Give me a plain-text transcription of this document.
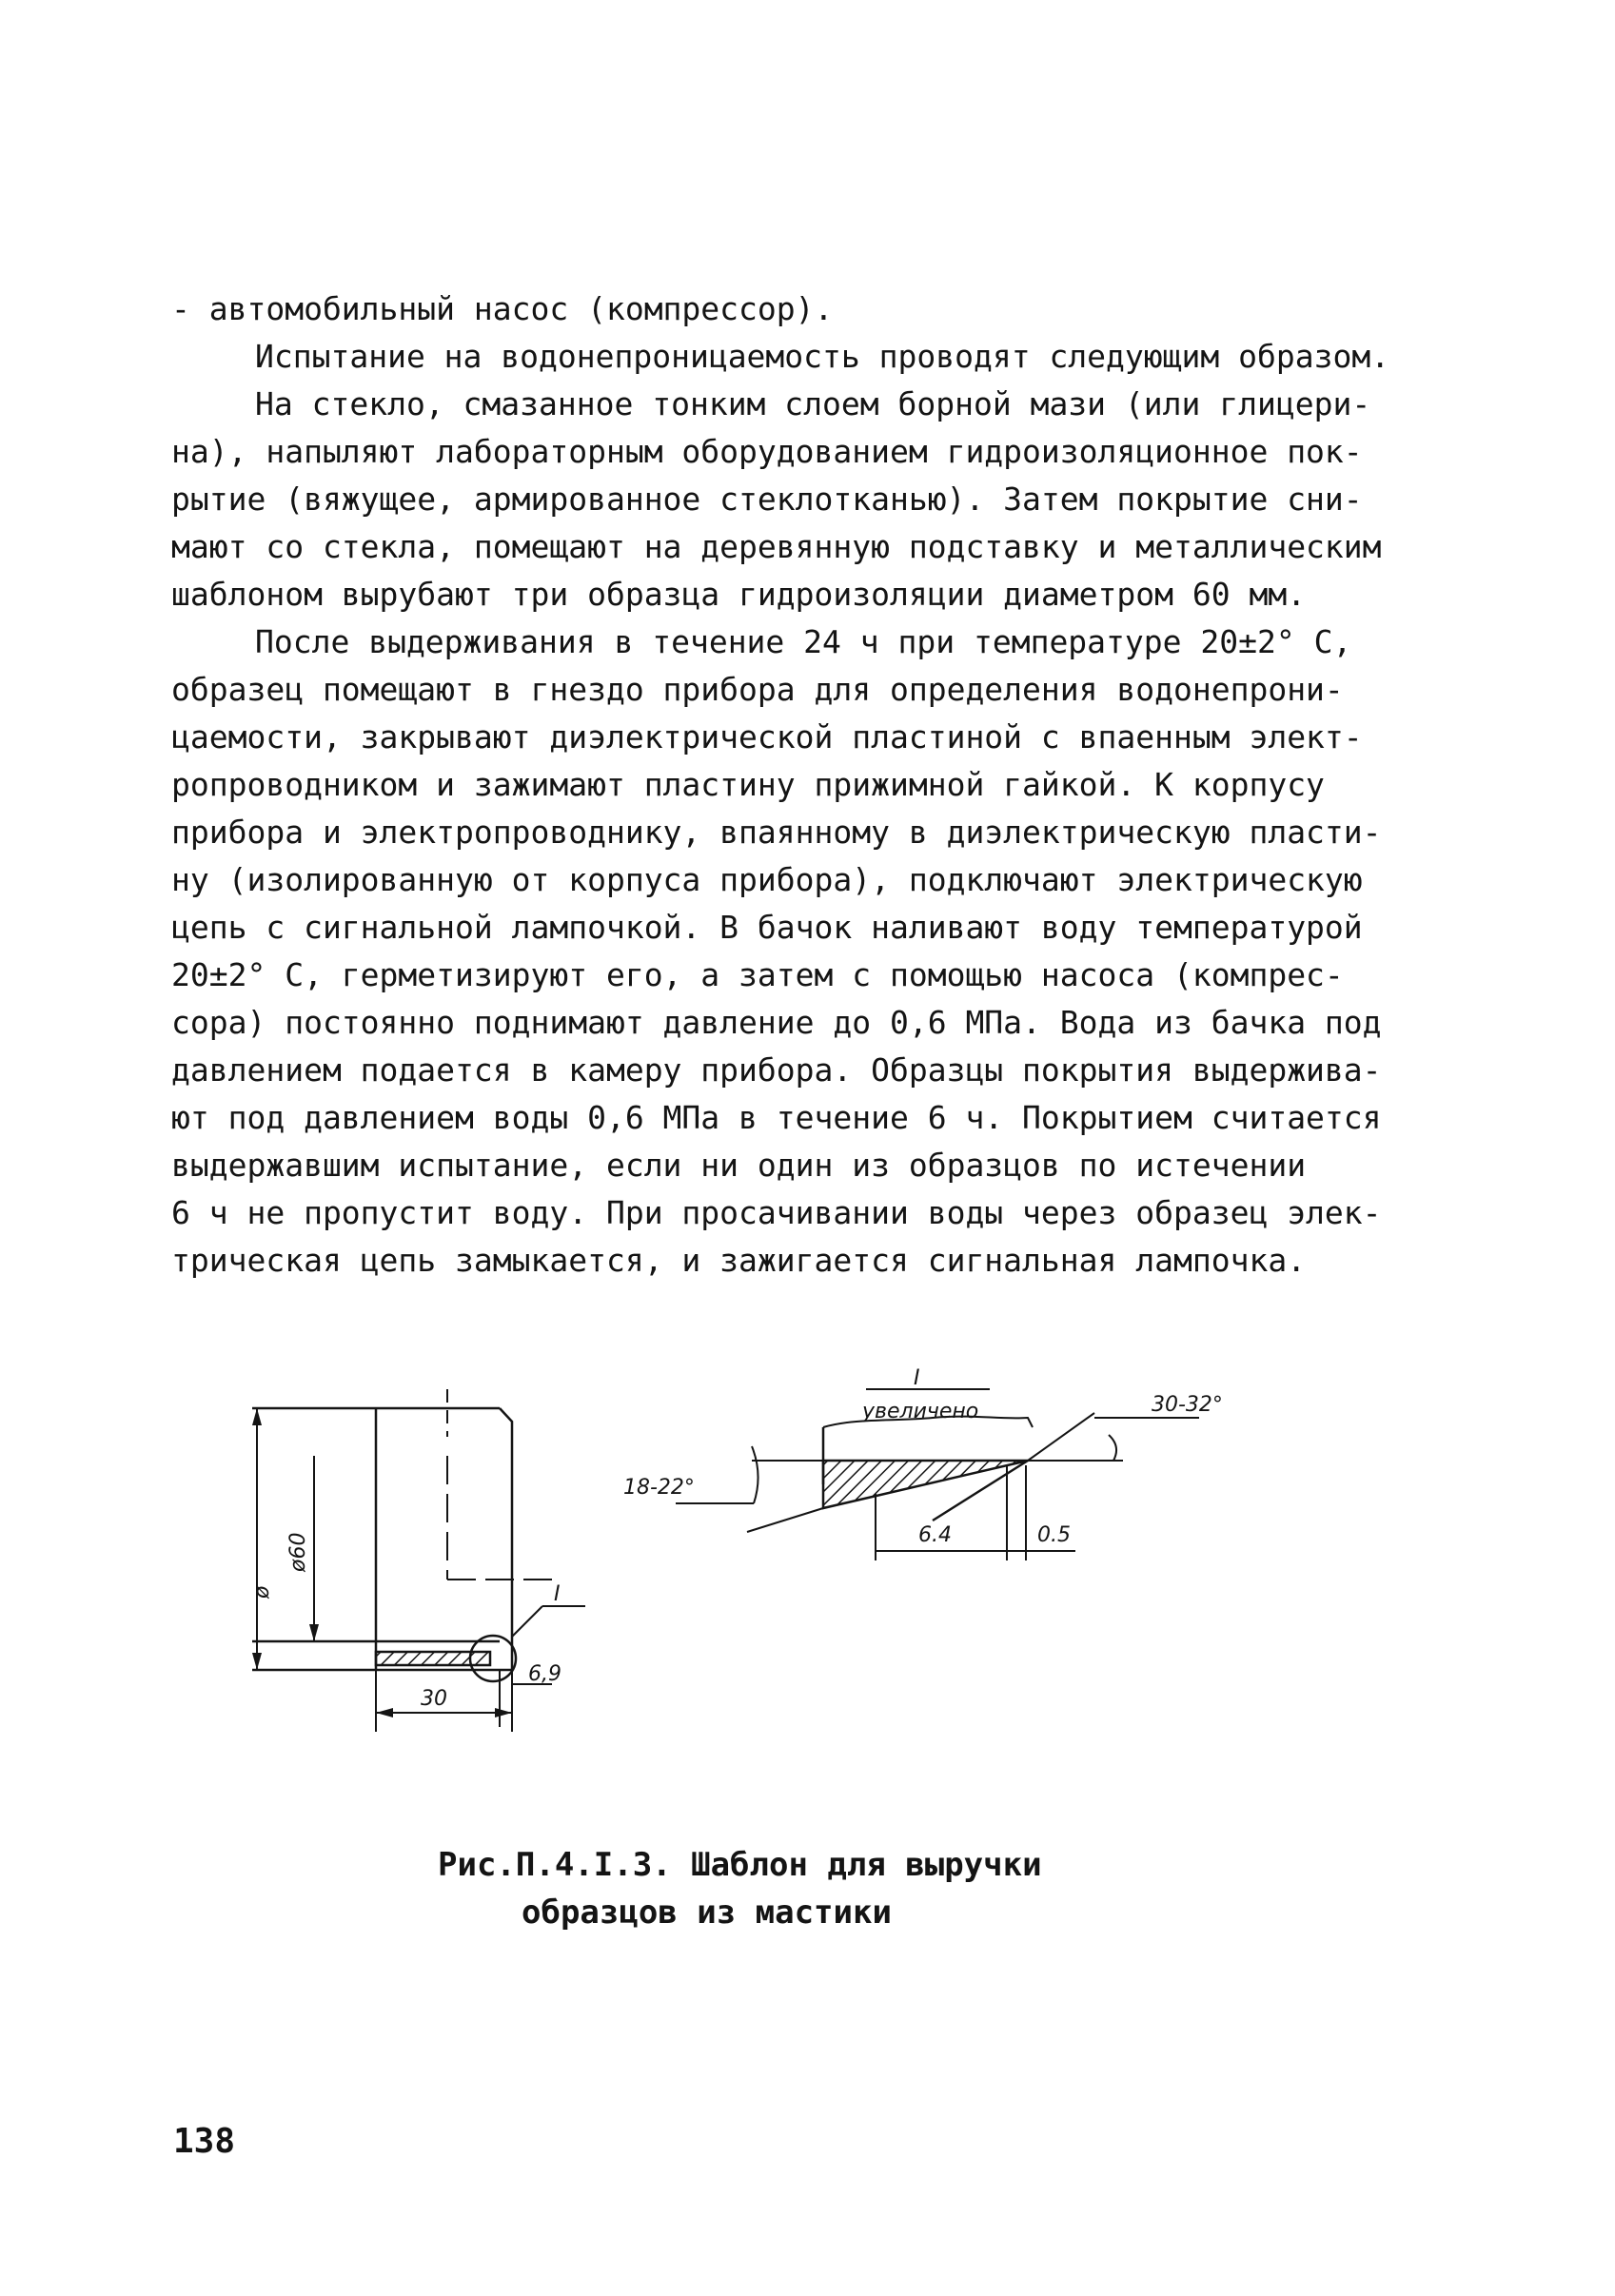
- автомобильный насос (компрессор).
Испытание на водонепроницаемость проводят следующим образом.
На стекло, смазанное тонким слоем борной мази (или глицери-
на), напыляют лабораторным оборудованием гидроизоляционное пок-
рытие (вяжущее, армированное стеклотканью). Затем покрытие сни-
мают со стекла, помещают на деревянную подставку и металлическим
шаблоном вырубают три образца гидроизоляции диаметром 60 мм.
После выдерживания в течение 24 ч при температуре 20±2° С,
образец помещают в гнездо прибора для определения водонепрони-
цаемости, закрывают диэлектрической пластиной с впаенным элект-
ропроводником и зажимают пластину прижимной гайкой. К корпусу
прибора и электропроводнику, впаянному в диэлектрическую пласти-
ну (изолированную от корпуса прибора), подключают электрическую
цепь с сигнальной лампочкой. В бачок наливают воду температурой
20±2° С, герметизируют его, а затем с помощью насоса (компрес-
сора) постоянно поднимают давление до 0,6 МПа. Вода из бачка под
давлением подается в камеру прибора. Образцы покрытия выдержива-
ют под давлением воды 0,6 МПа в течение 6 ч. Покрытием считается
выдержавшим испытание, если ни один из образцов по истечении
6 ч не пропустит воду. При просачивании воды через образец элек-
трическая цепь замыкается, и зажигается сигнальная лампочка.
ø
ø60
30
6,9
I
I
увеличено	30-32°
18-22°
6.4	0.5
Рис.П.4.I.3. Шаблон для выручки
образцов из мастики
138
